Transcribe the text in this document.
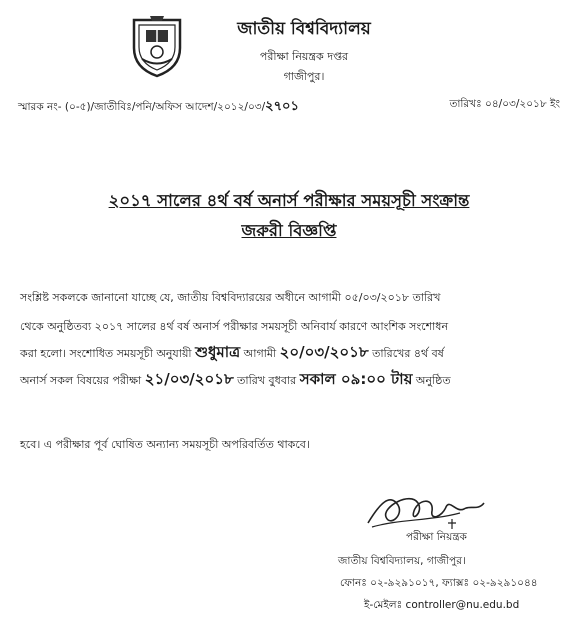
জাতীয় বিশ্ববিদ্যালয়
পরীক্ষা নিয়ন্ত্রক দপ্তর
গাজীপুর।
স্মারক নং- (০-৫)/জাতীবিঃ/পনি/অফিস আদেশ/২০১২/০৩/২৭০১	তারিখঃ ০৪/০৩/২০১৮ ইং
২০১৭ সালের ৪র্থ বর্ষ অনার্স পরীক্ষার সময়সূচী সংক্রান্ত
জরুরী বিজ্ঞপ্তি
সংশ্লিষ্ট সকলকে জানানো যাচ্ছে যে, জাতীয় বিশ্ববিদ্যারয়ের অধীনে আগামী ০৫/০৩/২০১৮ তারিখ
থেকে অনুষ্ঠিতব্য ২০১৭ সালের ৪র্থ বর্ষ অনার্স পরীক্ষার সময়সূচী অনিবার্য কারণে আংশিক সংশোধন
করা হলো। সংশোধিত সময়সূচী অনুযায়ী শুধুমাত্র আগামী ২০/০৩/২০১৮ তারিখের ৪র্থ বর্ষ
অনার্স সকল বিষয়ের পরীক্ষা ২১/০৩/২০১৮ তারিখ বুধবার সকাল ০৯:০০ টায় অনুষ্ঠিত
হবে। এ পরীক্ষার পূর্ব ঘোষিত অন্যান্য সময়সূচী অপরিবর্তিত থাকবে।
পরীক্ষা নিয়ন্ত্রক
জাতীয় বিশ্ববিদ্যালয়, গাজীপুর।
ফোনঃ ০২-৯২৯১০১৭, ফ্যাক্সঃ ০২-৯২৯১০৪৪
ই-মেইলঃ controller@nu.edu.bd
